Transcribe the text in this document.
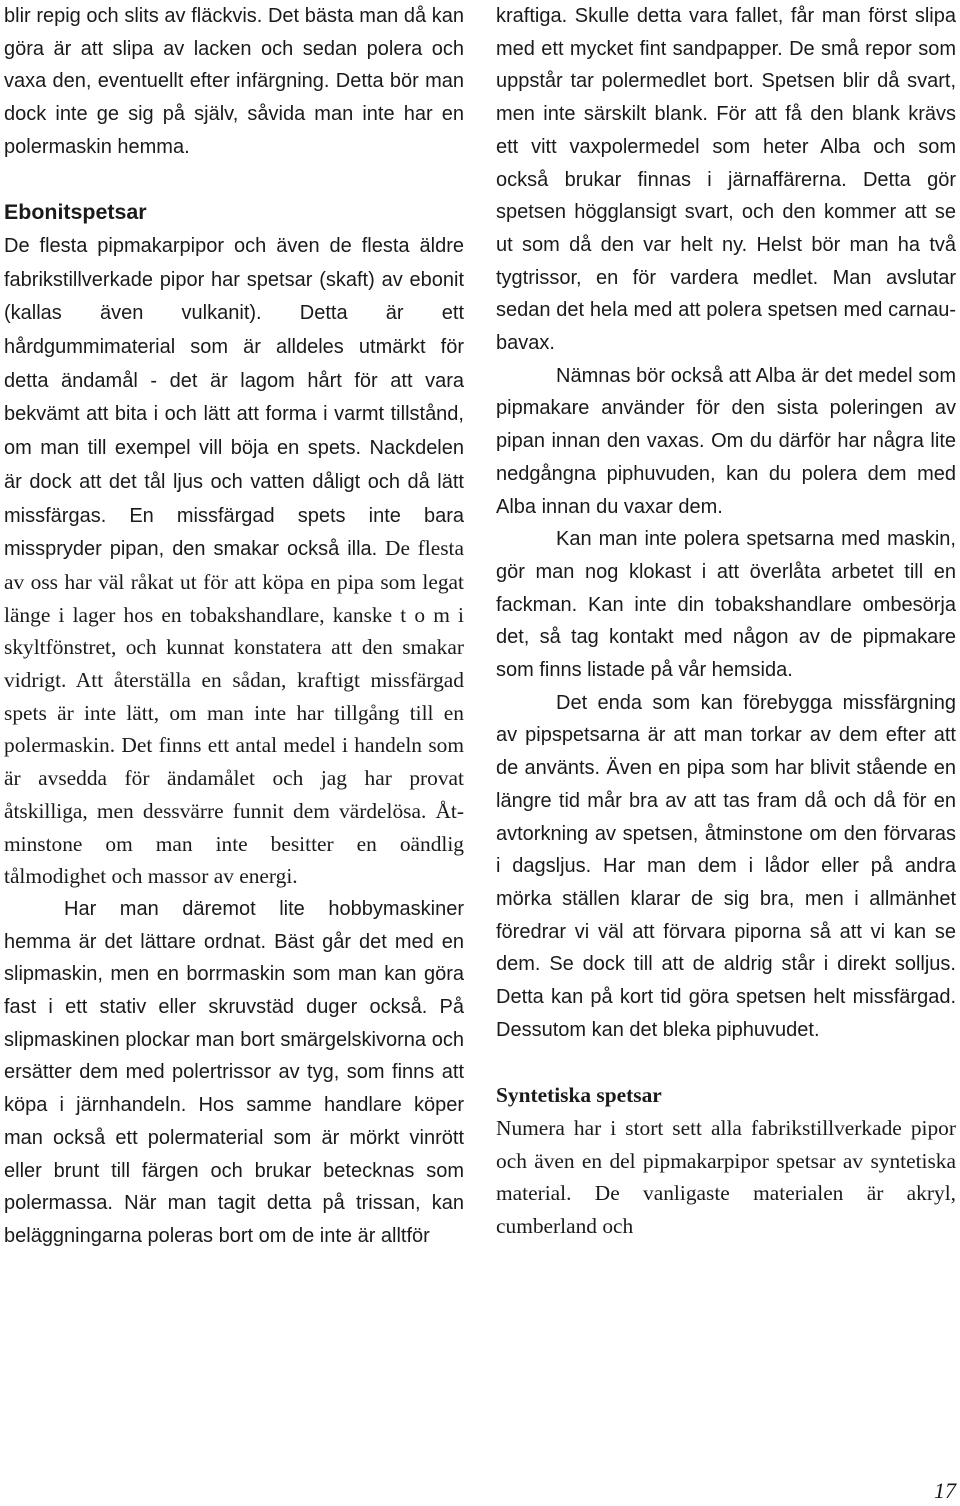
blir repig och slits av fläckvis. Det bästa man då kan göra är att slipa av lacken och sedan polera och vaxa den, eventuellt efter infärgning. Detta bör man dock inte ge sig på själv, såvida man inte har en polermaskin hemma.

Ebonitspetsar

De flesta pipmakarpipor och även de flesta äldre fabrikstillverkade pipor har spetsar (skaft) av ebonit (kallas även vulkanit). Detta är ett hårdgummimaterial som är alldeles utmärkt för detta ändamål - det är lagom hårt för att vara bekvämt att bita i och lätt att forma i varmt tillstånd, om man till exempel vill böja en spets. Nackdelen är dock att det tål ljus och vatten dåligt och då lätt missfärgas. En missfärgad spets inte bara misspryder pipan, den smakar också illa. De flesta av oss har väl råkat ut för att köpa en pipa som legat länge i lager hos en tobakshandlare, kanske t o m i skyltfönstret, och kunnat konstatera att den smakar vidrigt. Att återställa en sådan, kraftigt missfärgad spets är inte lätt, om man inte har tillgång till en polermaskin. Det finns ett antal medel i handeln som är avsedda för ändamålet och jag har provat åtskilliga, men dessvärre funnit dem värdelösa. Åtminstone om man inte besitter en oändlig tålmodighet och massor av energi.

Har man däremot lite hobbymaskiner hemma är det lättare ordnat. Bäst går det med en slipmaskin, men en borrmaskin som man kan göra fast i ett stativ eller skruvstäd duger också. På slipmaskinen plockar man bort smärgelskivorna och ersätter dem med polertrissor av tyg, som finns att köpa i järnhandeln. Hos samme handlare köper man också ett polermaterial som är mörkt vinrött eller brunt till färgen och brukar betecknas som polermassa. När man tagit detta på trissan, kan beläggningarna poleras bort om de inte är alltför

kraftiga. Skulle detta vara fallet, får man först slipa med ett mycket fint sandpapper. De små repor som uppstår tar polermedlet bort. Spetsen blir då svart, men inte särskilt blank. För att få den blank krävs ett vitt vaxpolermedel som heter Alba och som också brukar finnas i järnaffärerna. Detta gör spetsen högglansigt svart, och den kommer att se ut som då den var helt ny. Helst bör man ha två tygtrissor, en för vardera medlet. Man avslutar sedan det hela med att polera spetsen med carnaubavax.

Nämnas bör också att Alba är det medel som pipmakare använder för den sista poleringen av pipan innan den vaxas. Om du därför har några lite nedgångna piphuvuden, kan du polera dem med Alba innan du vaxar dem.

Kan man inte polera spetsarna med maskin, gör man nog klokast i att överlåta arbetet till en fackman. Kan inte din tobakshandlare ombesörja det, så tag kontakt med någon av de pipmakare som finns listade på vår hemsida.

Det enda som kan förebygga missfärgning av pipspetsarna är att man torkar av dem efter att de använts. Även en pipa som har blivit stående en längre tid mår bra av att tas fram då och då för en avtorkning av spetsen, åtminstone om den förvaras i dagsljus. Har man dem i lådor eller på andra mörka ställen klarar de sig bra, men i allmänhet föredrar vi väl att förvara piporna så att vi kan se dem. Se dock till att de aldrig står i direkt solljus. Detta kan på kort tid göra spetsen helt missfärgad. Dessutom kan det bleka piphuvudet.

Syntetiska spetsar

Numera har i stort sett alla fabrikstillverkade pipor och även en del pipmakarpipor spetsar av syntetiska material. De vanligaste materialen är akryl, cumberland och

17
